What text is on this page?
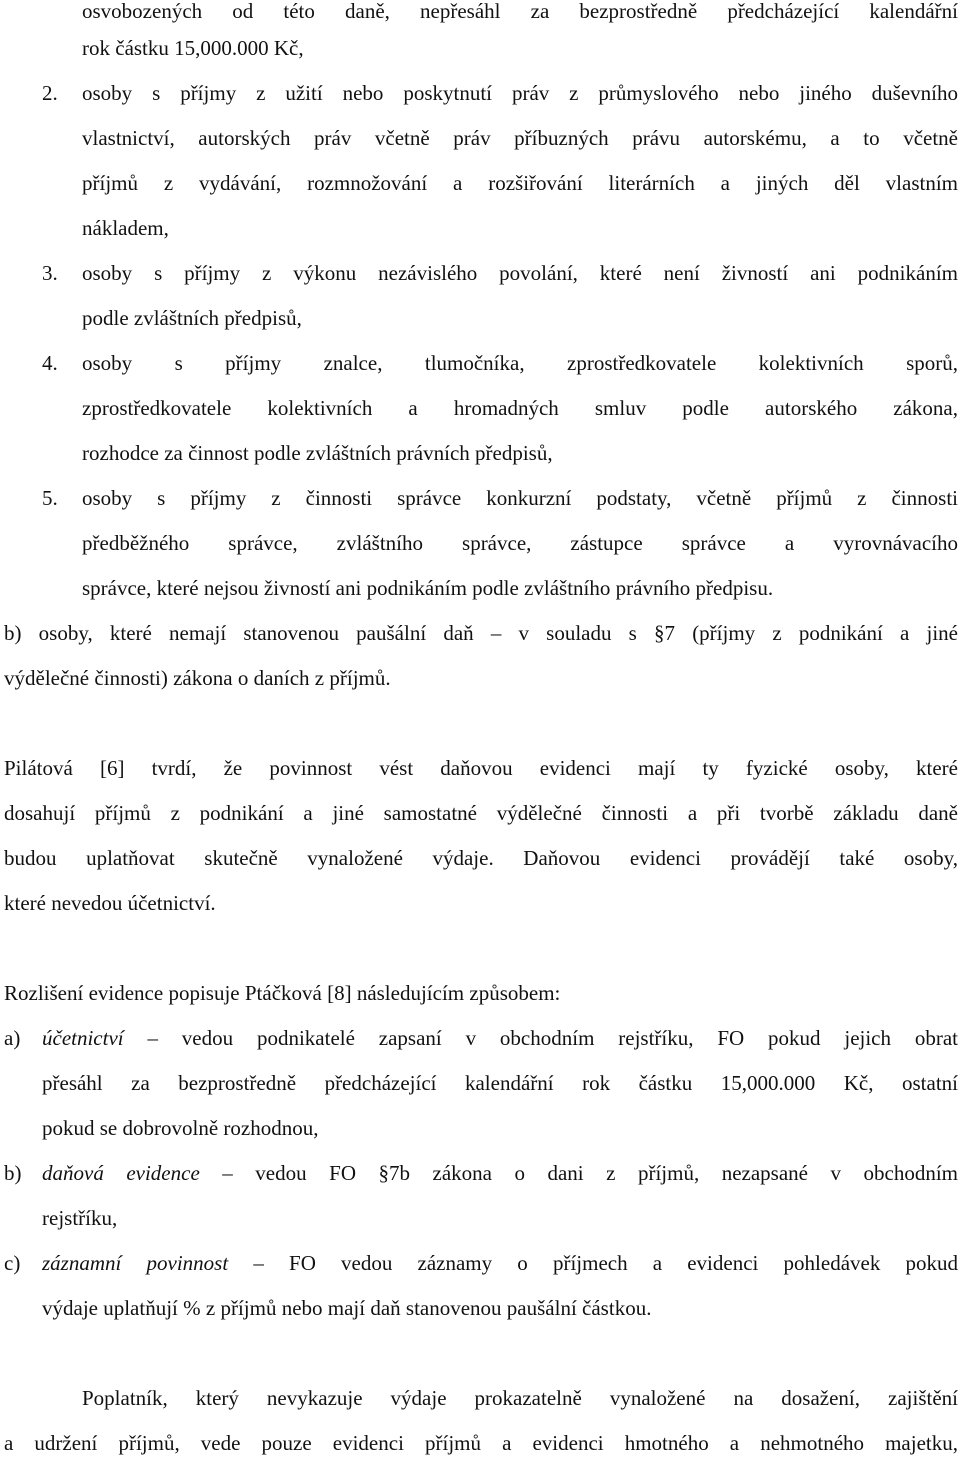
osvobozených od této daně, nepřesáhl za bezprostředně předcházející kalendářní
rok částku 15,000.000 Kč,
2. osoby s příjmy z užití nebo poskytnutí práv z průmyslového nebo jiného duševního
vlastnictví, autorských práv včetně práv příbuzných právu autorskému, a to včetně
příjmů z vydávání, rozmnožování a rozšiřování literárních a jiných děl vlastním
nákladem,
3. osoby s příjmy z výkonu nezávislého povolání, které není živností ani podnikáním
podle zvláštních předpisů,
4. osoby s příjmy znalce, tlumočníka, zprostředkovatele kolektivních sporů,
zprostředkovatele kolektivních a hromadných smluv podle autorského zákona,
rozhodce za činnost podle zvláštních právních předpisů,
5. osoby s příjmy z činnosti správce konkurzní podstaty, včetně příjmů z činnosti
předběžného správce, zvláštního správce, zástupce správce a vyrovnávacího
správce, které nejsou živností ani podnikáním podle zvláštního právního předpisu.
b) osoby, které nemají stanovenou paušální daň – v souladu s §7 (příjmy z podnikání a jiné
výdělečné činnosti) zákona o daních z příjmů.
Pilátová [6] tvrdí, že povinnost vést daňovou evidenci mají ty fyzické osoby, které
dosahují příjmů z podnikání a jiné samostatné výdělečné činnosti a při tvorbě základu daně
budou uplatňovat skutečně vynaložené výdaje. Daňovou evidenci provádějí také osoby,
které nevedou účetnictví.
Rozlišení evidence popisuje Ptáčková [8] následujícím způsobem:
a) účetnictví – vedou podnikatelé zapsaní v obchodním rejstříku, FO pokud jejich obrat
přesáhl za bezprostředně předcházející kalendářní rok částku 15,000.000 Kč, ostatní
pokud se dobrovolně rozhodnou,
b) daňová evidence – vedou FO §7b zákona o dani z příjmů, nezapsané v obchodním
rejstříku,
c) záznamní povinnost – FO vedou záznamy o příjmech a evidenci pohledávek pokud
výdaje uplatňují % z příjmů nebo mají daň stanovenou paušální částkou.
Poplatník, který nevykazuje výdaje prokazatelně vynaložené na dosažení, zajištění
a udržení příjmů, vede pouze evidenci příjmů a evidenci hmotného a nehmotného majetku,
